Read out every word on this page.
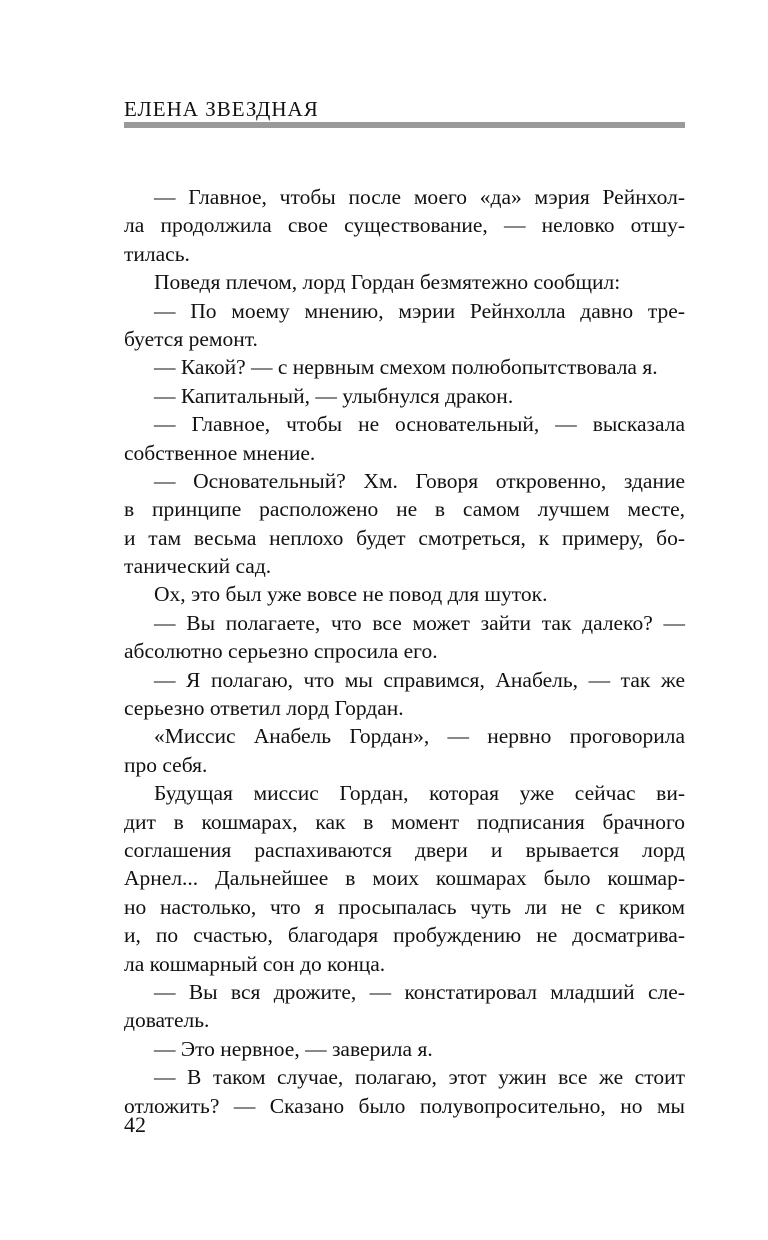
ЕЛЕНА ЗВЕЗДНАЯ
— Главное, чтобы после моего «да» мэрия Рейнхол-
ла продолжила свое существование, — неловко отшу-
тилась.
Поведя плечом, лорд Гордан безмятежно сообщил:
— По моему мнению, мэрии Рейнхолла давно тре-
буется ремонт.
— Какой? — с нервным смехом полюбопытствовала я.
— Капитальный, — улыбнулся дракон.
— Главное, чтобы не основательный, — высказала
собственное мнение.
— Основательный? Хм. Говоря откровенно, здание
в принципе расположено не в самом лучшем месте,
и там весьма неплохо будет смотреться, к примеру, бо-
танический сад.
Ох, это был уже вовсе не повод для шуток.
— Вы полагаете, что все может зайти так далеко? —
абсолютно серьезно спросила его.
— Я полагаю, что мы справимся, Анабель, — так же
серьезно ответил лорд Гордан.
«Миссис Анабель Гордан», — нервно проговорила
про себя.
Будущая миссис Гордан, которая уже сейчас ви-
дит в кошмарах, как в момент подписания брачного
соглашения распахиваются двери и врывается лорд
Арнел... Дальнейшее в моих кошмарах было кошмар-
но настолько, что я просыпалась чуть ли не с криком
и, по счастью, благодаря пробуждению не досматрива-
ла кошмарный сон до конца.
— Вы вся дрожите, — констатировал младший сле-
дователь.
— Это нервное, — заверила я.
— В таком случае, полагаю, этот ужин все же стоит
отложить? — Сказано было полувопросительно, но мы
42
